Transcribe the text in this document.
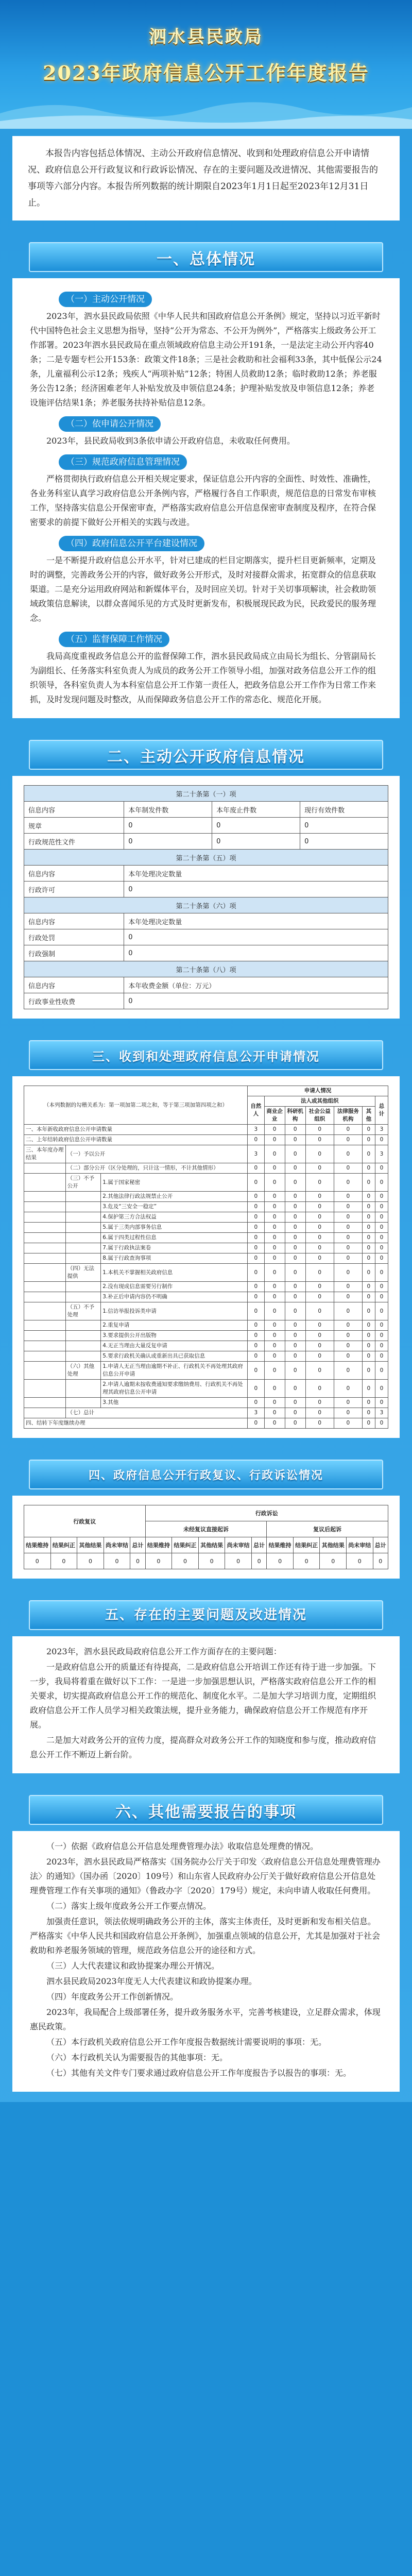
泗水县民政局
2023年政府信息公开工作年度报告
本报告内容包括总体情况、主动公开政府信息情况、收到和处理政府信息公开申请情况、政府信息公开行政复议和行政诉讼情况、存在的主要问题及改进情况、其他需要报告的事项等六部分内容。本报告所列数据的统计期限自2023年1月1日起至2023年12月31日止。
一、总体情况
（一）主动公开情况

2023年，泗水县民政局依照《中华人民共和国政府信息公开条例》规定，坚持以习近平新时代中国特色社会主义思想为指导，坚持“公开为常态、不公开为例外”，严格落实上级政务公开工作部署。2023年泗水县民政局在重点领域政府信息主动公开191条，一是法定主动公开内容40条；二是专题专栏公开153条：政策文件18条；三是社会救助和社会福利33条，其中低保公示24条，儿童福利公示12条；残疾人“两项补贴”12条；特困人员救助12条；临时救助12条；养老服务公告12条；经济困难老年人补贴发放及申领信息24条；护理补贴发放及申领信息12条；养老设施评估结果1条；养老服务扶持补贴信息12条。

（二）依申请公开情况

2023年，县民政局收到3条依申请公开政府信息，未收取任何费用。

（三）规范政府信息管理情况

严格贯彻执行政府信息公开相关规定要求，保证信息公开内容的全面性、时效性、准确性，各业务科室认真学习政府信息公开条例内容，严格履行各自工作职责，规范信息的日常发布审核工作，坚持落实信息公开保密审查，严格落实政府信息公开信息保密审查制度及程序，在符合保密要求的前提下做好公开相关的实践与改进。

（四）政府信息公开平台建设情况

一是不断提升政府信息公开水平，针对已建成的栏目定期落实，提升栏目更新频率，定期及时的调整，完善政务公开的内容，做好政务公开形式，及时对接群众需求，拓宽群众的信息获取渠道。二是充分运用政府网站和新媒体平台，及时回应关切。针对于关切事项解读，社会救助领域政策信息解读，以群众喜闻乐见的方式及时更新发布，积极展现民政为民，民政爱民的服务理念。

（五）监督保障工作情况

我局高度重视政务信息公开的监督保障工作，泗水县民政局成立由局长为组长、分管副局长为副组长、任务落实科室负责人为成员的政务公开工作领导小组，加强对政务信息公开工作的组织领导，各科室负责人为本科室信息公开工作第一责任人，把政务信息公开工作作为日常工作来抓，及时发现问题及时整改，从而保障政务信息公开工作的常态化、规范化开展。

二、主动公开政府信息情况
第二十条第（一）项			
信息内容	本年制发件数	本年废止件数	现行有效件数
规章	0	0	0
行政规范性文件	0	0	0
第二十条第（五）项			
信息内容	本年处理决定数量		
行政许可	0		
第二十条第（六）项			
信息内容	本年处理决定数量		
行政处罚	0		
行政强制	0		
第二十条第（八）项			
信息内容	本年收费金额（单位：万元）		
行政事业性收费	0		
三、收到和处理政府信息公开申请情况
（本列数据的勾稽关系为：第一项加第二项之和，等于第三项加第四项之和）			申请人情况						
			自然人	法人或其他组织					总计
				商业企业	科研机构	社会公益组织	法律服务机构	其他	
一、本年新收政府信息公开申请数量			3	0	0	0	0	0	3
二、上年结转政府信息公开申请数量			0	0	0	0	0	0	0
三、本年度办理结果	（一）予以公开		3	0	0	0	0	0	3
	（二）部分公开（区分处理的，只计这一情形，不计其他情形）		0	0	0	0	0	0	0
	（三）不予公开	1.属于国家秘密	0	0	0	0	0	0	0
		2.其他法律行政法规禁止公开	0	0	0	0	0	0	0
		3.危及“三安全一稳定”	0	0	0	0	0	0	0
		4.保护第三方合法权益	0	0	0	0	0	0	0
		5.属于三类内部事务信息	0	0	0	0	0	0	0
		6.属于四类过程性信息	0	0	0	0	0	0	0
		7.属于行政执法案卷	0	0	0	0	0	0	0
		8.属于行政查询事项	0	0	0	0	0	0	0
	（四）无法提供	1.本机关不掌握相关政府信息	0	0	0	0	0	0	0
		2.没有现成信息需要另行制作	0	0	0	0	0	0	0
		3.补正后申请内容仍不明确	0	0	0	0	0	0	0
	（五）不予处理	1.信访举报投诉类申请	0	0	0	0	0	0	0
		2.重复申请	0	0	0	0	0	0	0
		3.要求提供公开出版物	0	0	0	0	0	0	0
		4.无正当理由大量反复申请	0	0	0	0	0	0	0
		5.要求行政机关确认或重新出具已获取信息	0	0	0	0	0	0	0
	（六）其他处理	1.申请人无正当理由逾期不补正、行政机关不再处理其政府信息公开申请	0	0	0	0	0	0	0
		2.申请人逾期未按收费通知要求缴纳费用、行政机关不再处理其政府信息公开申请	0	0	0	0	0	0	0
		3.其他	0	0	0	0	0	0	0
	（七）总计		3	0	0	0	0	0	3
四、结转下年度继续办理			0	0	0	0	0	0	0
四、政府信息公开行政复议、行政诉讼情况
行政复议					行政诉讼									
					未经复议直接起诉					复议后起诉				
结果维持	结果纠正	其他结果	尚未审结	总计	结果维持	结果纠正	其他结果	尚未审结	总计	结果维持	结果纠正	其他结果	尚未审结	总计
0	0	0	0	0	0	0	0	0	0	0	0	0	0	0
五、存在的主要问题及改进情况

2023年，泗水县民政局政府信息公开工作方面存在的主要问题：

一是政府信息公开的质量还有待提高，二是政府信息公开培训工作还有待于进一步加强。下一步，我局将着重在做好以下工作：一是进一步加强思想认识，严格落实政府信息公开工作的相关要求，切实提高政府信息公开工作的规范化、制度化水平。二是加大学习培训力度，定期组织政府信息公开工作人员学习相关政策法规，提升业务能力，确保政府信息公开工作规范有序开展。

二是加大对政务公开的宣传力度，提高群众对政务公开工作的知晓度和参与度，推动政府信息公开工作不断迈上新台阶。

六、其他需要报告的事项

（一）依据《政府信息公开信息处理费管理办法》收取信息处理费的情况。

2023年，泗水县民政局严格落实《国务院办公厅关于印发〈政府信息公开信息处理费管理办法〉的通知》（国办函〔2020〕109号）和山东省人民政府办公厅关于做好政府信息公开信息处理费管理工作有关事项的通知》（鲁政办字〔2020〕179号）规定，未向申请人收取任何费用。

（二）落实上级年度政务公开工作要点情况。

加强责任意识，领法依规明确政务公开的主体，落实主体责任，及时更新和发布相关信息。严格落实《中华人民共和国政府信息公开条例》，加强重点领域的信息公开，尤其是加强对于社会救助和养老服务领域的管理，规范政务信息公开的途径和方式。

（三）人大代表建议和政协提案办理公开情况。

泗水县民政局2023年度无人大代表建议和政协提案办理。

（四）年度政务公开工作创新情况。

2023年，我局配合上级部署任务，提升政务服务水平，完善考核建设，立足群众需求，体现惠民政策。

（五）本行政机关政府信息公开工作年度报告数据统计需要说明的事项：无。

（六）本行政机关认为需要报告的其他事项：无。

（七）其他有关文件专门要求通过政府信息公开工作年度报告予以报告的事项：无。
